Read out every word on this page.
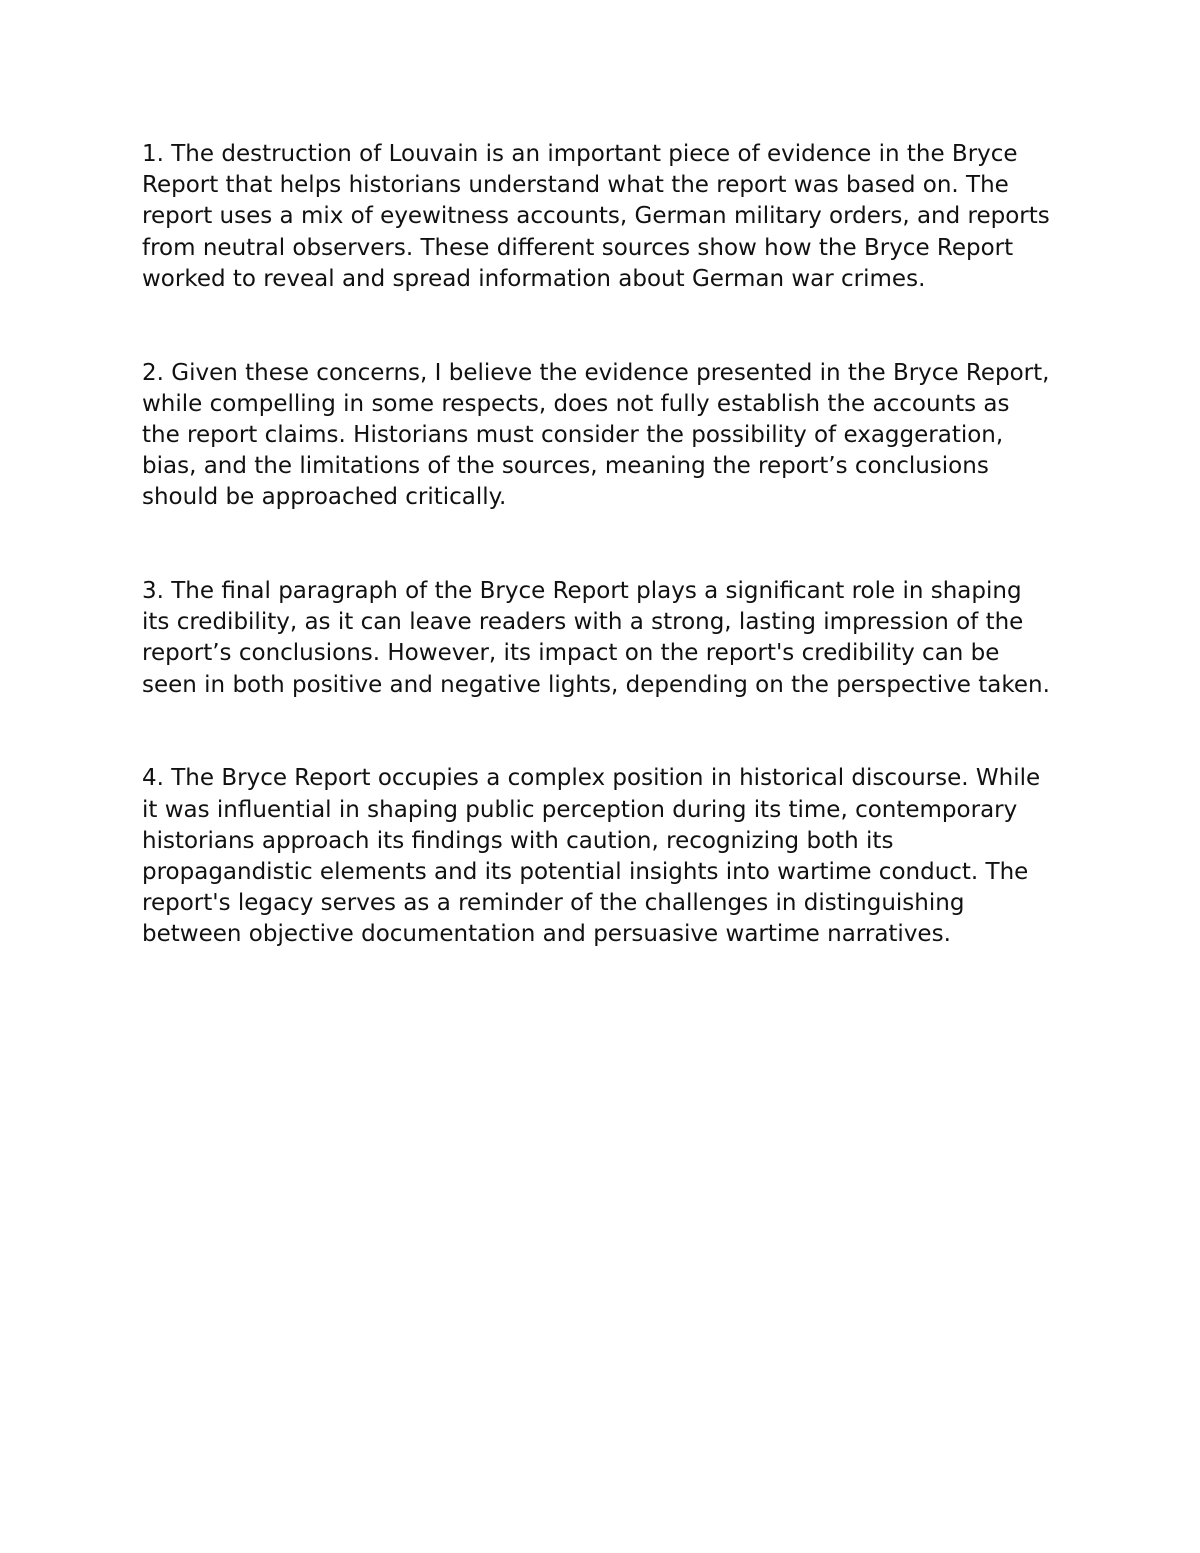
1. The destruction of Louvain is an important piece of evidence in the Bryce Report that helps historians understand what the report was based on. The report uses a mix of eyewitness accounts, German military orders, and reports from neutral observers. These different sources show how the Bryce Report worked to reveal and spread information about German war crimes.

2. Given these concerns, I believe the evidence presented in the Bryce Report, while compelling in some respects, does not fully establish the accounts as the report claims. Historians must consider the possibility of exaggeration, bias, and the limitations of the sources, meaning the report’s conclusions should be approached critically.

3. The final paragraph of the Bryce Report plays a significant role in shaping its credibility, as it can leave readers with a strong, lasting impression of the report’s conclusions. However, its impact on the report's credibility can be seen in both positive and negative lights, depending on the perspective taken.

4. The Bryce Report occupies a complex position in historical discourse. While it was influential in shaping public perception during its time, contemporary historians approach its findings with caution, recognizing both its propagandistic elements and its potential insights into wartime conduct. The report's legacy serves as a reminder of the challenges in distinguishing between objective documentation and persuasive wartime narratives.
